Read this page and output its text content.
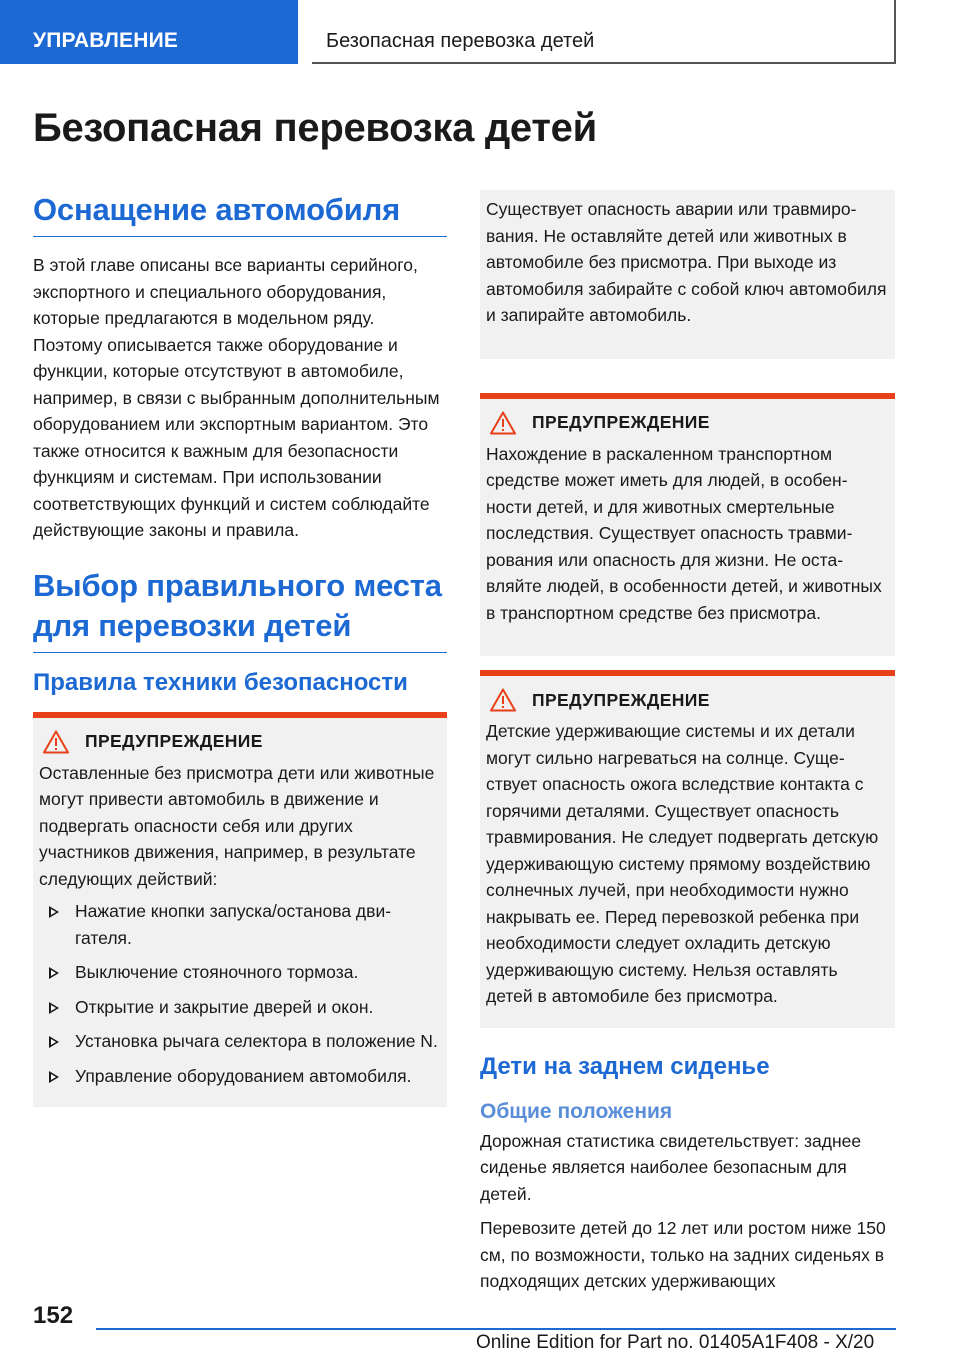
УПРАВЛЕНИЕ	Безопасная перевозка детей
Безопасная перевозка детей
Оснащение автомобиля

В этой главе описаны все варианты серийного, экспортного и специального оборудования, которые предлагаются в модельном ряду. Поэтому описывается также оборудование и функции, которые отсутствуют в автомобиле, например, в связи с выбранным дополнительным оборудованием или экспортным вариантом. Это также относится к важным для безопасности функциям и системам. При использовании соответствующих функций и систем соблюдайте действующие законы и правила.

Выбор правильного места для перевозки детей
Правила техники безопасности
ПРЕДУПРЕЖДЕНИЕ
Оставленные без присмотра дети или животные могут привести автомобиль в движение и подвергать опасности себя или других участников движения, например, в результате следующих действий:
Нажатие кнопки запуска/останова двигателя.
Выключение стояночного тормоза.
Открытие и закрытие дверей и окон.
Установка рычага селектора в положение N.
Управление оборудованием автомобиля.
Существует опасность аварии или травмирования. Не оставляйте детей или животных в автомобиле без присмотра. При выходе из автомобиля забирайте с собой ключ автомобиля и запирайте автомобиль.
ПРЕДУПРЕЖДЕНИЕ
Нахождение в раскаленном транспортном средстве может иметь для людей, в особенности детей, и для животных смертельные последствия. Существует опасность травмирования или опасность для жизни. Не оставляйте людей, в особенности детей, и животных в транспортном средстве без присмотра.
ПРЕДУПРЕЖДЕНИЕ
Детские удерживающие системы и их детали могут сильно нагреваться на солнце. Существует опасность ожога вследствие контакта с горячими деталями. Существует опасность травмирования. Не следует подвергать детскую удерживающую систему прямому воздействию солнечных лучей, при необходимости нужно накрывать ее. Перед перевозкой ребенка при необходимости следует охладить детскую удерживающую систему. Нельзя оставлять детей в автомобиле без присмотра.
Дети на заднем сиденье
Общие положения

Дорожная статистика свидетельствует: заднее сиденье является наиболее безопасным для детей.

Перевозите детей до 12 лет или ростом ниже 150 см, по возможности, только на задних сиденьях в подходящих детских удерживающих

152
Online Edition for Part no. 01405A1F408 - X/20
